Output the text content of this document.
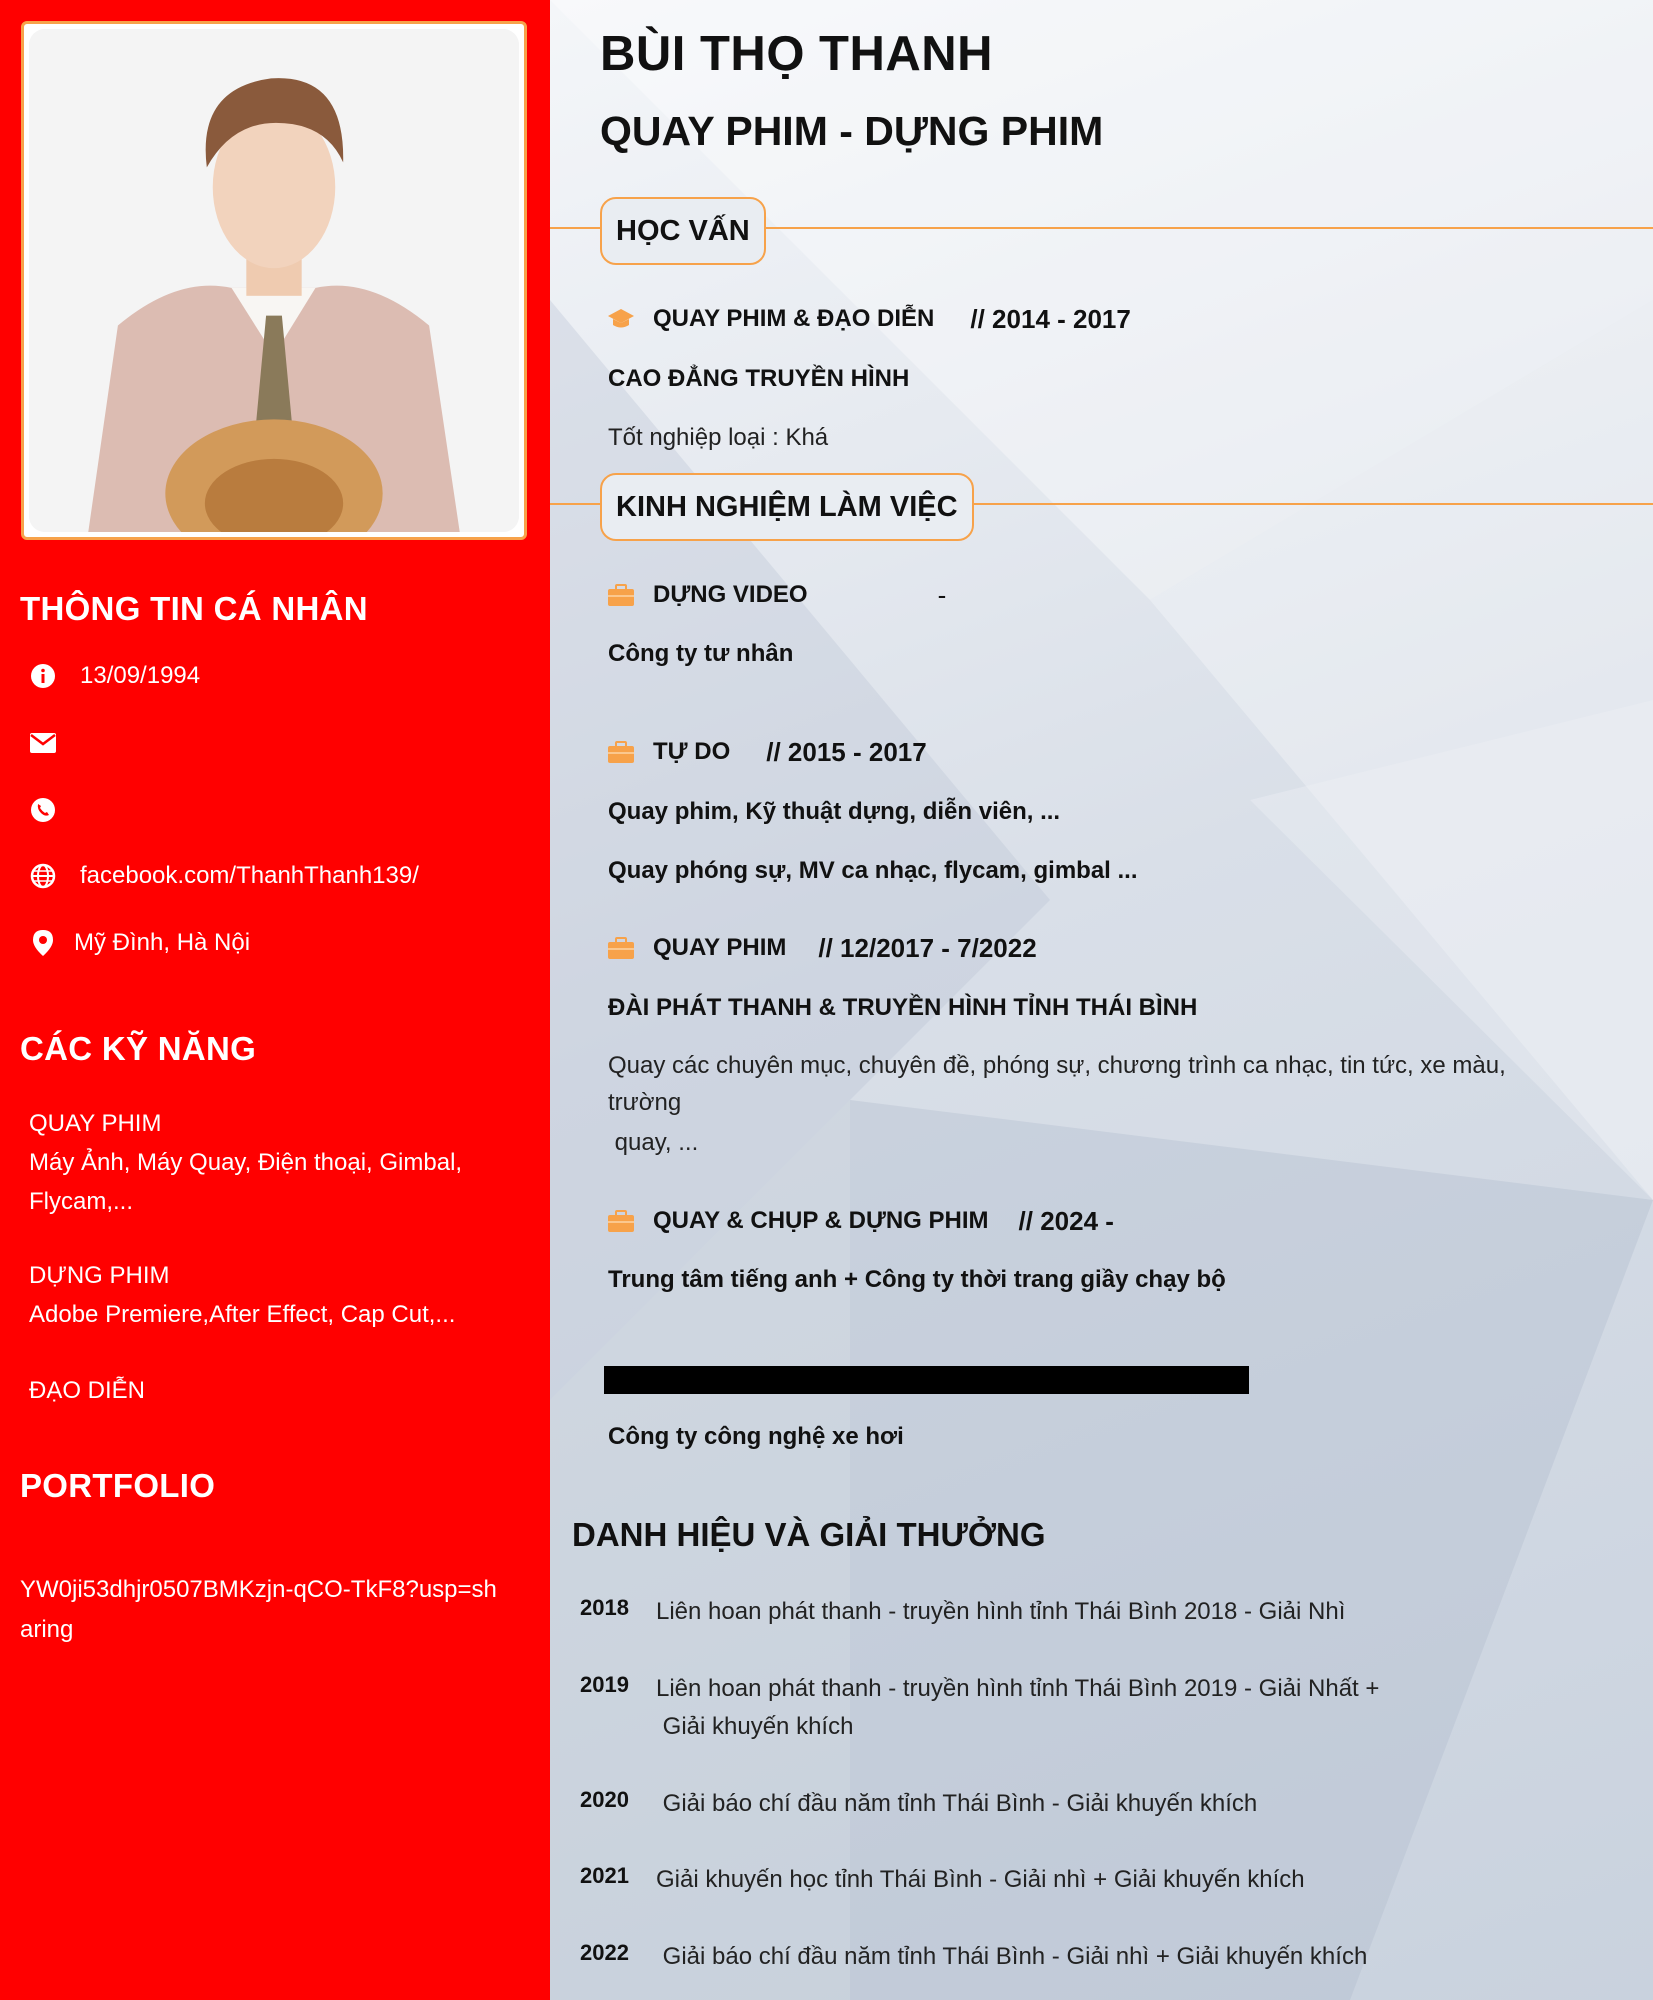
THÔNG TIN CÁ NHÂN
13/09/1994
facebook.com/ThanhThanh139/
Mỹ Đình, Hà Nội
CÁC KỸ NĂNG
QUAY PHIM
Máy Ảnh, Máy Quay, Điện thoại, Gimbal, Flycam,...
DỰNG PHIM
Adobe Premiere,After Effect, Cap Cut,...
ĐẠO DIỄN
PORTFOLIO
YW0ji53dhjr0507BMKzjn-qCO-TkF8?usp=sharing
BÙI THỌ THANH
QUAY PHIM - DỰNG PHIM
HỌC VẤN
QUAY PHIM & ĐẠO DIỄN // 2014 - 2017
CAO ĐẲNG TRUYỀN HÌNH
Tốt nghiệp loại : Khá
KINH NGHIỆM LÀM VIỆC
DỰNG VIDEO	-
Công ty tư nhân
TỰ DO // 2015 - 2017
Quay phim, Kỹ thuật dựng, diễn viên, ...
Quay phóng sự, MV ca nhạc, flycam, gimbal ...
QUAY PHIM // 12/2017 - 7/2022
ĐÀI PHÁT THANH & TRUYỀN HÌNH TỈNH THÁI BÌNH
Quay các chuyên mục, chuyên đề, phóng sự, chương trình ca nhạc, tin tức, xe màu,
trường
quay, ...
QUAY & CHỤP & DỰNG PHIM // 2024 -
Trung tâm tiếng anh + Công ty thời trang giầy chạy bộ
Công ty công nghệ xe hơi
DANH HIỆU VÀ GIẢI THƯỞNG
2018 Liên hoan phát thanh - truyền hình tỉnh Thái Bình 2018 - Giải Nhì
2019 Liên hoan phát thanh - truyền hình tỉnh Thái Bình 2019 - Giải Nhất +
Giải khuyến khích
2020 Giải báo chí đầu năm tỉnh Thái Bình - Giải khuyến khích
2021 Giải khuyến học tỉnh Thái Bình - Giải nhì + Giải khuyến khích
2022 Giải báo chí đầu năm tỉnh Thái Bình - Giải nhì + Giải khuyến khích
